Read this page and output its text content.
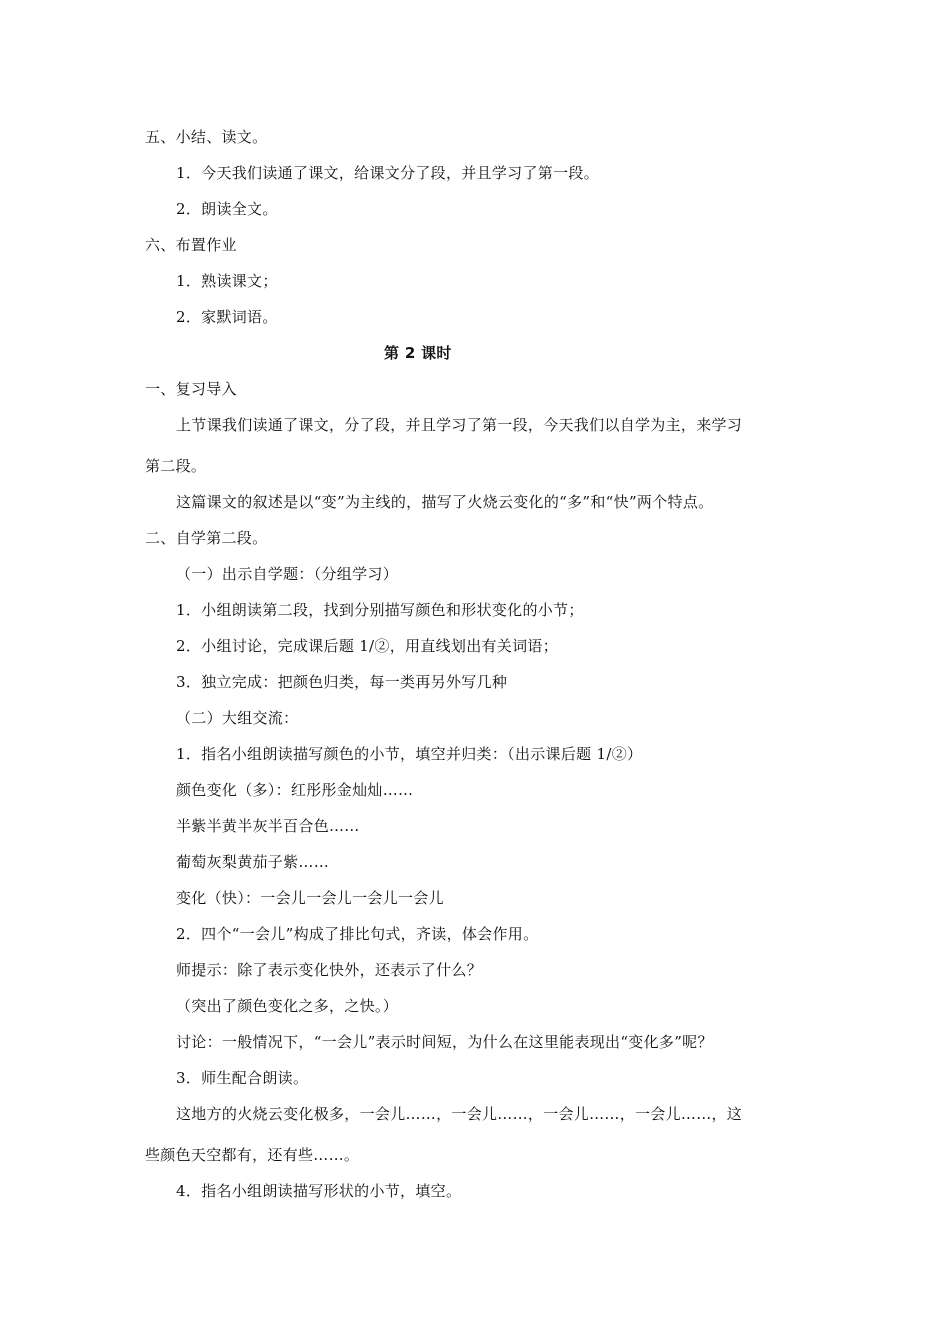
五、小结、读文。
1．今天我们读通了课文，给课文分了段，并且学习了第一段。
2．朗读全文。
六、布置作业
1．熟读课文；
2．家默词语。
第 2 课时
一、复习导入
上节课我们读通了课文，分了段，并且学习了第一段，今天我们以自学为主，来学习
第二段。
这篇课文的叙述是以“变”为主线的，描写了火烧云变化的“多”和“快”两个特点。
二、自学第二段。
（一）出示自学题：（分组学习）
1．小组朗读第二段，找到分别描写颜色和形状变化的小节；
2．小组讨论，完成课后题 1/②，用直线划出有关词语；
3．独立完成：把颜色归类，每一类再另外写几种
（二）大组交流：
1．指名小组朗读描写颜色的小节，填空并归类：（出示课后题 1/②）
颜色变化（多）：红彤彤金灿灿……
半紫半黄半灰半百合色……
葡萄灰梨黄茄子紫……
变化（快）：一会儿一会儿一会儿一会儿
2．四个“一会儿”构成了排比句式，齐读，体会作用。
师提示：除了表示变化快外，还表示了什么？
（突出了颜色变化之多，之快。）
讨论：一般情况下，“一会儿”表示时间短，为什么在这里能表现出“变化多”呢？
3．师生配合朗读。
这地方的火烧云变化极多，一会儿……，一会儿……，一会儿……，一会儿……，这
些颜色天空都有，还有些……。
4．指名小组朗读描写形状的小节，填空。
